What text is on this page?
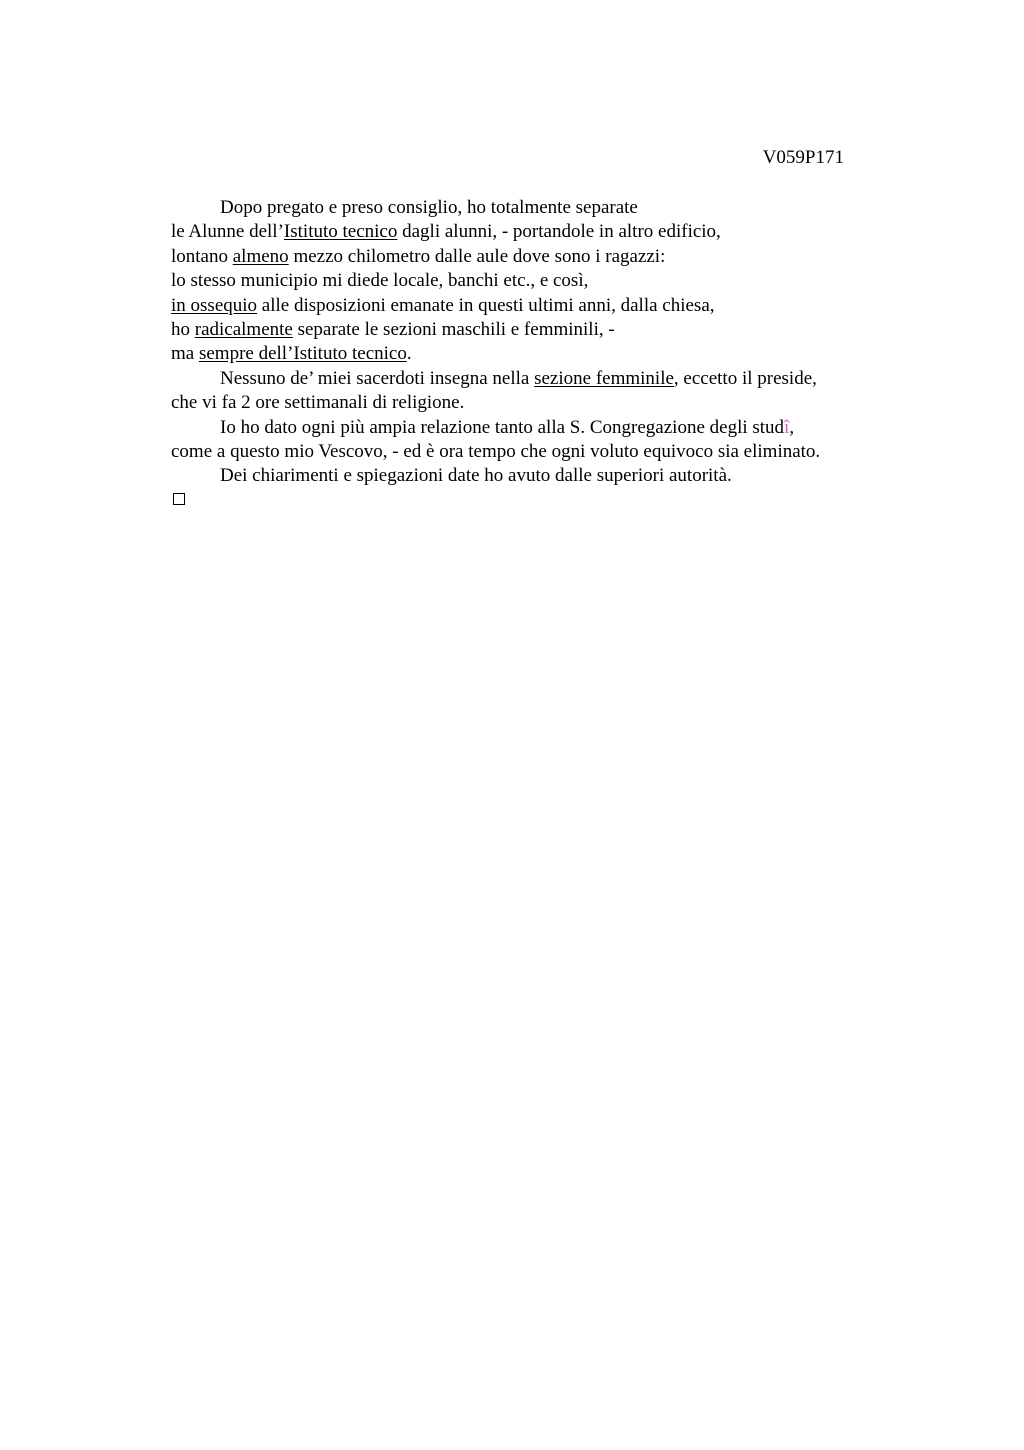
V059P171
Dopo pregato e preso consiglio, ho totalmente separate
le Alunne dell’Istituto tecnico dagli alunni, - portandole in altro edificio,
lontano almeno mezzo chilometro dalle aule dove sono i ragazzi:
lo stesso municipio mi diede locale, banchi etc., e così,
in ossequio alle disposizioni emanate in questi ultimi anni, dalla chiesa,
ho radicalmente separate le sezioni maschili e femminili, -
ma sempre dell’Istituto tecnico.
Nessuno de’ miei sacerdoti insegna nella sezione femminile, eccetto il preside,
che vi fa 2 ore settimanali di religione.
Io ho dato ogni più ampia relazione tanto alla S. Congregazione degli studî,
come a questo mio Vescovo, - ed è ora tempo che ogni voluto equivoco sia eliminato.
Dei chiarimenti e spiegazioni date ho avuto dalle superiori autorità.
